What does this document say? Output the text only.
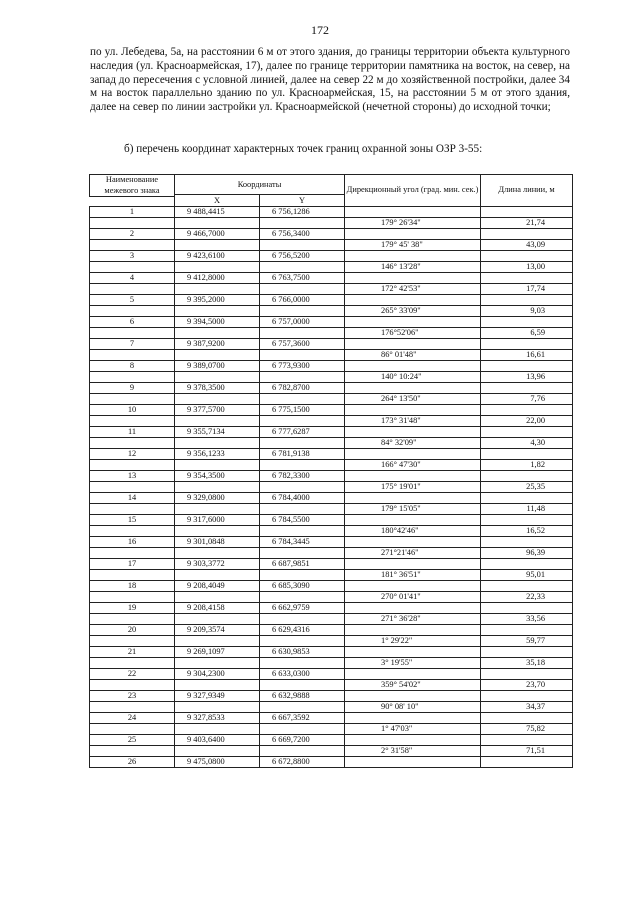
172

по ул. Лебедева, 5а, на расстоянии 6 м от этого здания, до границы территории объекта культурного наследия (ул. Красноармейская, 17), далее по границе территории памятника на восток, на север, на запад до пересечения с условной линией, далее на север 22 м до хозяйственной постройки, далее 34 м на восток параллельно зданию по ул. Красноармейская, 15, на расстоянии 5 м от этого здания, далее на север по линии застройки ул. Красноармейской (нечетной стороны) до исходной точки;

б) перечень координат характерных точек границ охранной зоны ОЗР 3-55:

Наименование межевого знака	Координаты		Дирекционный угол (град. мин. сек.)	Длина линии, м
	X	Y		

1	9 488,4415	6 756,1286		
			179° 26'34"	21,74
2	9 466,7000	6 756,3400		
			179° 45' 38"	43,09
3	9 423,6100	6 756,5200		
			146° 13'28"	13,00
4	9 412,8000	6 763,7500		
			172° 42'53"	17,74
5	9 395,2000	6 766,0000		
			265° 33'09"	9,03
6	9 394,5000	6 757,0000		
			176°52'06"	6,59
7	9 387,9200	6 757,3600		
			86° 01'48"	16,61
8	9 389,0700	6 773,9300		
			140° 10:24"	13,96
9	9 378,3500	6 782,8700		
			264° 13'50"	7,76
10	9 377,5700	6 775,1500		
			173° 31'48"	22,00
11	9 355,7134	6 777,6287		
			84° 32'09"	4,30
12	9 356,1233	6 781,9138		
			166° 47'30"	1,82
13	9 354,3500	6 782,3300		
			175° 19'01"	25,35
14	9 329,0800	6 784,4000		
			179° 15'05"	11,48
15	9 317,6000	6 784,5500		
			180°42'46"	16,52
16	9 301,0848	6 784,3445		
			271°21'46"	96,39
17	9 303,3772	6 687,9851		
			181° 36'51"	95,01
18	9 208,4049	6 685,3090		
			270° 01'41"	22,33
19	9 208,4158	6 662,9759		
			271° 36'28"	33,56
20	9 209,3574	6 629,4316		
			1° 29'22"	59,77
21	9 269,1097	6 630,9853		
			3° 19'55"	35,18
22	9 304,2300	6 633,0300		
			359° 54'02"	23,70
23	9 327,9349	6 632,9888		
			90° 08' 10"	34,37
24	9 327,8533	6 667,3592		
			1° 47'03"	75,82
25	9 403,6400	6 669,7200		
			2° 31'58"	71,51
26	9 475,0800	6 672,8800		
